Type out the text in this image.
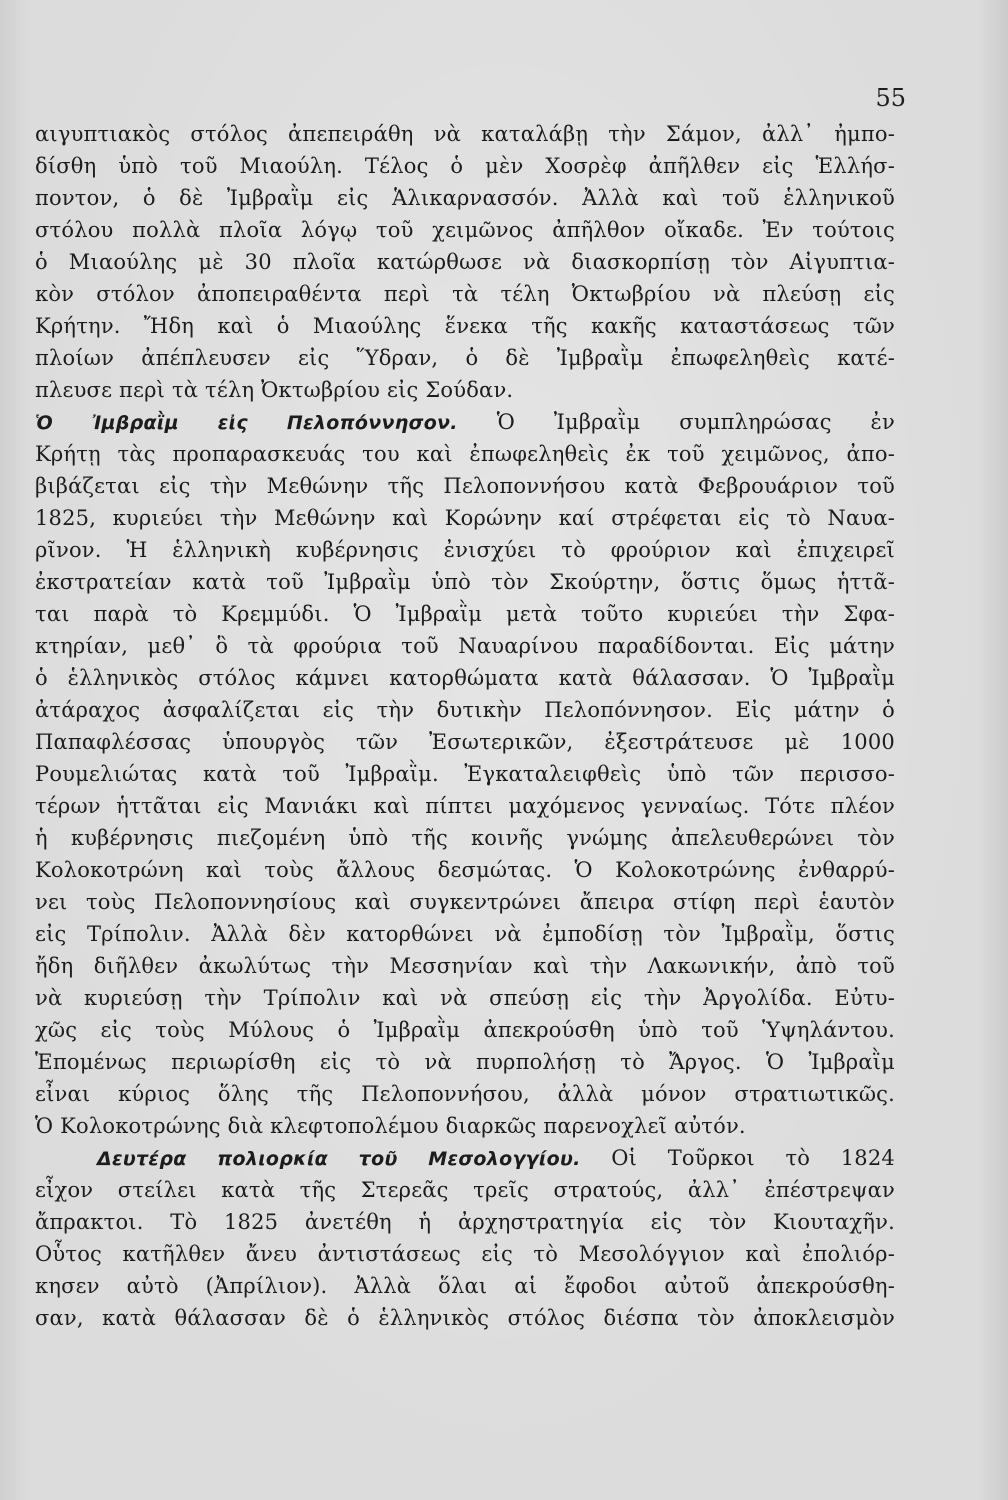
55
αιγυπτιακὸς στόλος ἀπεπειράθη νὰ καταλάβῃ τὴν Σάμον, ἀλλ᾽ ἠμπο-
δίσθη ὑπὸ τοῦ Μιαούλη. Τέλος ὁ μὲν Χοσρὲφ ἀπῆλθεν εἰς Ἑλλήσ-
ποντον, ὁ δὲ Ἰμβραῒμ εἰς Ἁλικαρνασσόν. Ἀλλὰ καὶ τοῦ ἑλληνικοῦ
στόλου πολλὰ πλοῖα λόγῳ τοῦ χειμῶνος ἀπῆλθον οἴκαδε. Ἐν τούτοις
ὁ Μιαούλης μὲ 30 πλοῖα κατώρθωσε νὰ διασκορπίσῃ τὸν Αἰγυπτια-
κὸν στόλον ἀποπειραθέντα περὶ τὰ τέλη Ὀκτωβρίου νὰ πλεύσῃ εἰς
Κρήτην. Ἤδη καὶ ὁ Μιαούλης ἕνεκα τῆς κακῆς καταστάσεως τῶν
πλοίων ἀπέπλευσεν εἰς Ὕδραν, ὁ δὲ Ἰμβραῒμ ἐπωφεληθεὶς κατέ-
πλευσε περὶ τὰ τέλη Ὀκτωβρίου εἰς Σούδαν.
Ὁ Ἰμβραῒμ εἰς Πελοπόννησον. Ὁ Ἰμβραῒμ συμπληρώσας ἐν
Κρήτῃ τὰς προπαρασκευάς του καὶ ἐπωφεληθεὶς ἐκ τοῦ χειμῶνος, ἀπο-
βιβάζεται εἰς τὴν Μεθώνην τῆς Πελοποννήσου κατὰ Φεβρουάριον τοῦ
1825, κυριεύει τὴν Μεθώνην καὶ Κορώνην καί στρέφεται εἰς τὸ Ναυα-
ρῖνον. Ἡ ἑλληνικὴ κυβέρνησις ἐνισχύει τὸ φρούριον καὶ ἐπιχειρεῖ
ἐκστρατείαν κατὰ τοῦ Ἰμβραῒμ ὑπὸ τὸν Σκούρτην, ὅστις ὅμως ἡττᾶ-
ται παρὰ τὸ Κρεμμύδι. Ὁ Ἰμβραῒμ μετὰ τοῦτο κυριεύει τὴν Σφα-
κτηρίαν, μεθ᾽ ὃ τὰ φρούρια τοῦ Ναυαρίνου παραδίδονται. Εἰς μάτην
ὁ ἑλληνικὸς στόλος κάμνει κατορθώματα κατὰ θάλασσαν. Ὁ Ἰμβραῒμ
ἀτάραχος ἀσφαλίζεται εἰς τὴν δυτικὴν Πελοπόννησον. Εἰς μάτην ὁ
Παπαφλέσσας ὑπουργὸς τῶν Ἐσωτερικῶν, ἐξεστράτευσε μὲ 1000
Ρουμελιώτας κατὰ τοῦ Ἰμβραῒμ. Ἐγκαταλειφθεὶς ὑπὸ τῶν περισσο-
τέρων ἡττᾶται εἰς Μανιάκι καὶ πίπτει μαχόμενος γενναίως. Τότε πλέον
ἡ κυβέρνησις πιεζομένη ὑπὸ τῆς κοινῆς γνώμης ἀπελευθερώνει τὸν
Κολοκοτρώνη καὶ τοὺς ἄλλους δεσμώτας. Ὁ Κολοκοτρώνης ἐνθαρρύ-
νει τοὺς Πελοποννησίους καὶ συγκεντρώνει ἄπειρα στίφη περὶ ἑαυτὸν
εἰς Τρίπολιν. Ἀλλὰ δὲν κατορθώνει νὰ ἐμποδίσῃ τὸν Ἰμβραῒμ, ὅστις
ἤδη διῆλθεν ἀκωλύτως τὴν Μεσσηνίαν καὶ τὴν Λακωνικήν, ἀπὸ τοῦ
νὰ κυριεύσῃ τὴν Τρίπολιν καὶ νὰ σπεύσῃ εἰς τὴν Ἀργολίδα. Εὐτυ-
χῶς εἰς τοὺς Μύλους ὁ Ἰμβραῒμ ἀπεκρούσθη ὑπὸ τοῦ Ὑψηλάντου.
Ἑπομένως περιωρίσθη εἰς τὸ νὰ πυρπολήσῃ τὸ Ἄργος. Ὁ Ἰμβραῒμ
εἶναι κύριος ὅλης τῆς Πελοποννήσου, ἀλλὰ μόνον στρατιωτικῶς.
Ὁ Κολοκοτρώνης διὰ κλεφτοπολέμου διαρκῶς παρενοχλεῖ αὐτόν.
Δευτέρα πολιορκία τοῦ Μεσολογγίου. Οἱ Τοῦρκοι τὸ 1824
εἶχον στείλει κατὰ τῆς Στερεᾶς τρεῖς στρατούς, ἀλλ᾽ ἐπέστρεψαν
ἄπρακτοι. Τὸ 1825 ἀνετέθη ἡ ἀρχηστρατηγία εἰς τὸν Κιουταχῆν.
Οὗτος κατῆλθεν ἄνευ ἀντιστάσεως εἰς τὸ Μεσολόγγιον καὶ ἐπολιόρ-
κησεν αὐτὸ (Ἀπρίλιον). Ἀλλὰ ὅλαι αἱ ἔφοδοι αὐτοῦ ἀπεκρούσθη-
σαν, κατὰ θάλασσαν δὲ ὁ ἑλληνικὸς στόλος διέσπα τὸν ἀποκλεισμὸν
